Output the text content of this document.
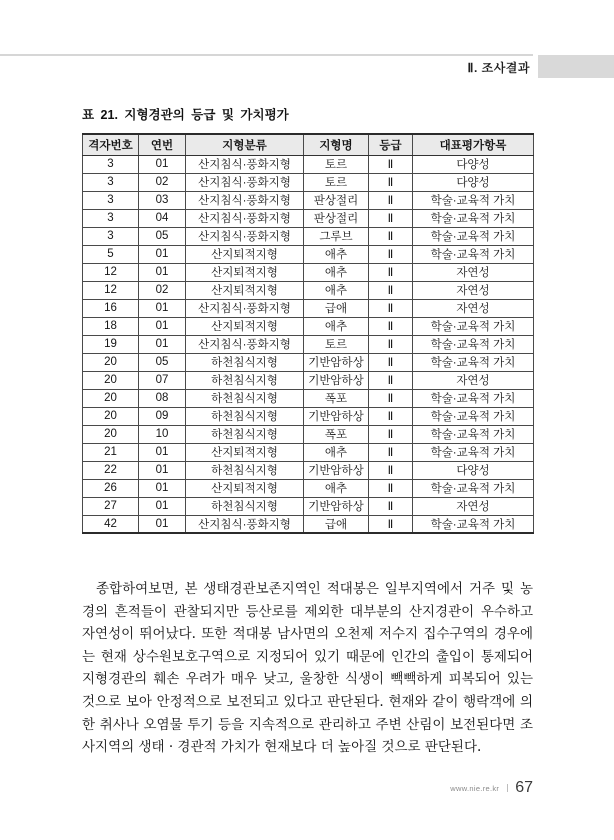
Ⅱ. 조사결과
표 21. 지형경관의 등급 및 가치평가
격자번호	연번	지형분류	지형명	등급	대표평가항목
3	01	산지침식·풍화지형	토르	Ⅱ	다양성
3	02	산지침식·풍화지형	토르	Ⅱ	다양성
3	03	산지침식·풍화지형	판상절리	Ⅱ	학술·교육적 가치
3	04	산지침식·풍화지형	판상절리	Ⅱ	학술·교육적 가치
3	05	산지침식·풍화지형	그루브	Ⅱ	학술·교육적 가치
5	01	산지퇴적지형	애추	Ⅱ	학술·교육적 가치
12	01	산지퇴적지형	애추	Ⅱ	자연성
12	02	산지퇴적지형	애추	Ⅱ	자연성
16	01	산지침식·풍화지형	급애	Ⅱ	자연성
18	01	산지퇴적지형	애추	Ⅱ	학술·교육적 가치
19	01	산지침식·풍화지형	토르	Ⅱ	학술·교육적 가치
20	05	하천침식지형	기반암하상	Ⅱ	학술·교육적 가치
20	07	하천침식지형	기반암하상	Ⅱ	자연성
20	08	하천침식지형	폭포	Ⅱ	학술·교육적 가치
20	09	하천침식지형	기반암하상	Ⅱ	학술·교육적 가치
20	10	하천침식지형	폭포	Ⅱ	학술·교육적 가치
21	01	산지퇴적지형	애추	Ⅱ	학술·교육적 가치
22	01	하천침식지형	기반암하상	Ⅱ	다양성
26	01	산지퇴적지형	애추	Ⅱ	학술·교육적 가치
27	01	하천침식지형	기반암하상	Ⅱ	자연성
42	01	산지침식·풍화지형	급애	Ⅱ	학술·교육적 가치

종합하여보면, 본 생태경관보존지역인 적대봉은 일부지역에서 거주 및 농경의 흔적들이 관찰되지만 등산로를 제외한 대부분의 산지경관이 우수하고 자연성이 뛰어났다. 또한 적대봉 남사면의 오천제 저수지 집수구역의 경우에는 현재 상수원보호구역으로 지정되어 있기 때문에 인간의 출입이 통제되어 지형경관의 훼손 우려가 매우 낮고, 울창한 식생이 빽빽하게 피복되어 있는 것으로 보아 안정적으로 보전되고 있다고 판단된다. 현재와 같이 행락객에 의한 취사나 오염물 투기 등을 지속적으로 관리하고 주변 산림이 보전된다면 조사지역의 생태 · 경관적 가치가 현재보다 더 높아질 것으로 판단된다.

www.nie.re.kr 67
